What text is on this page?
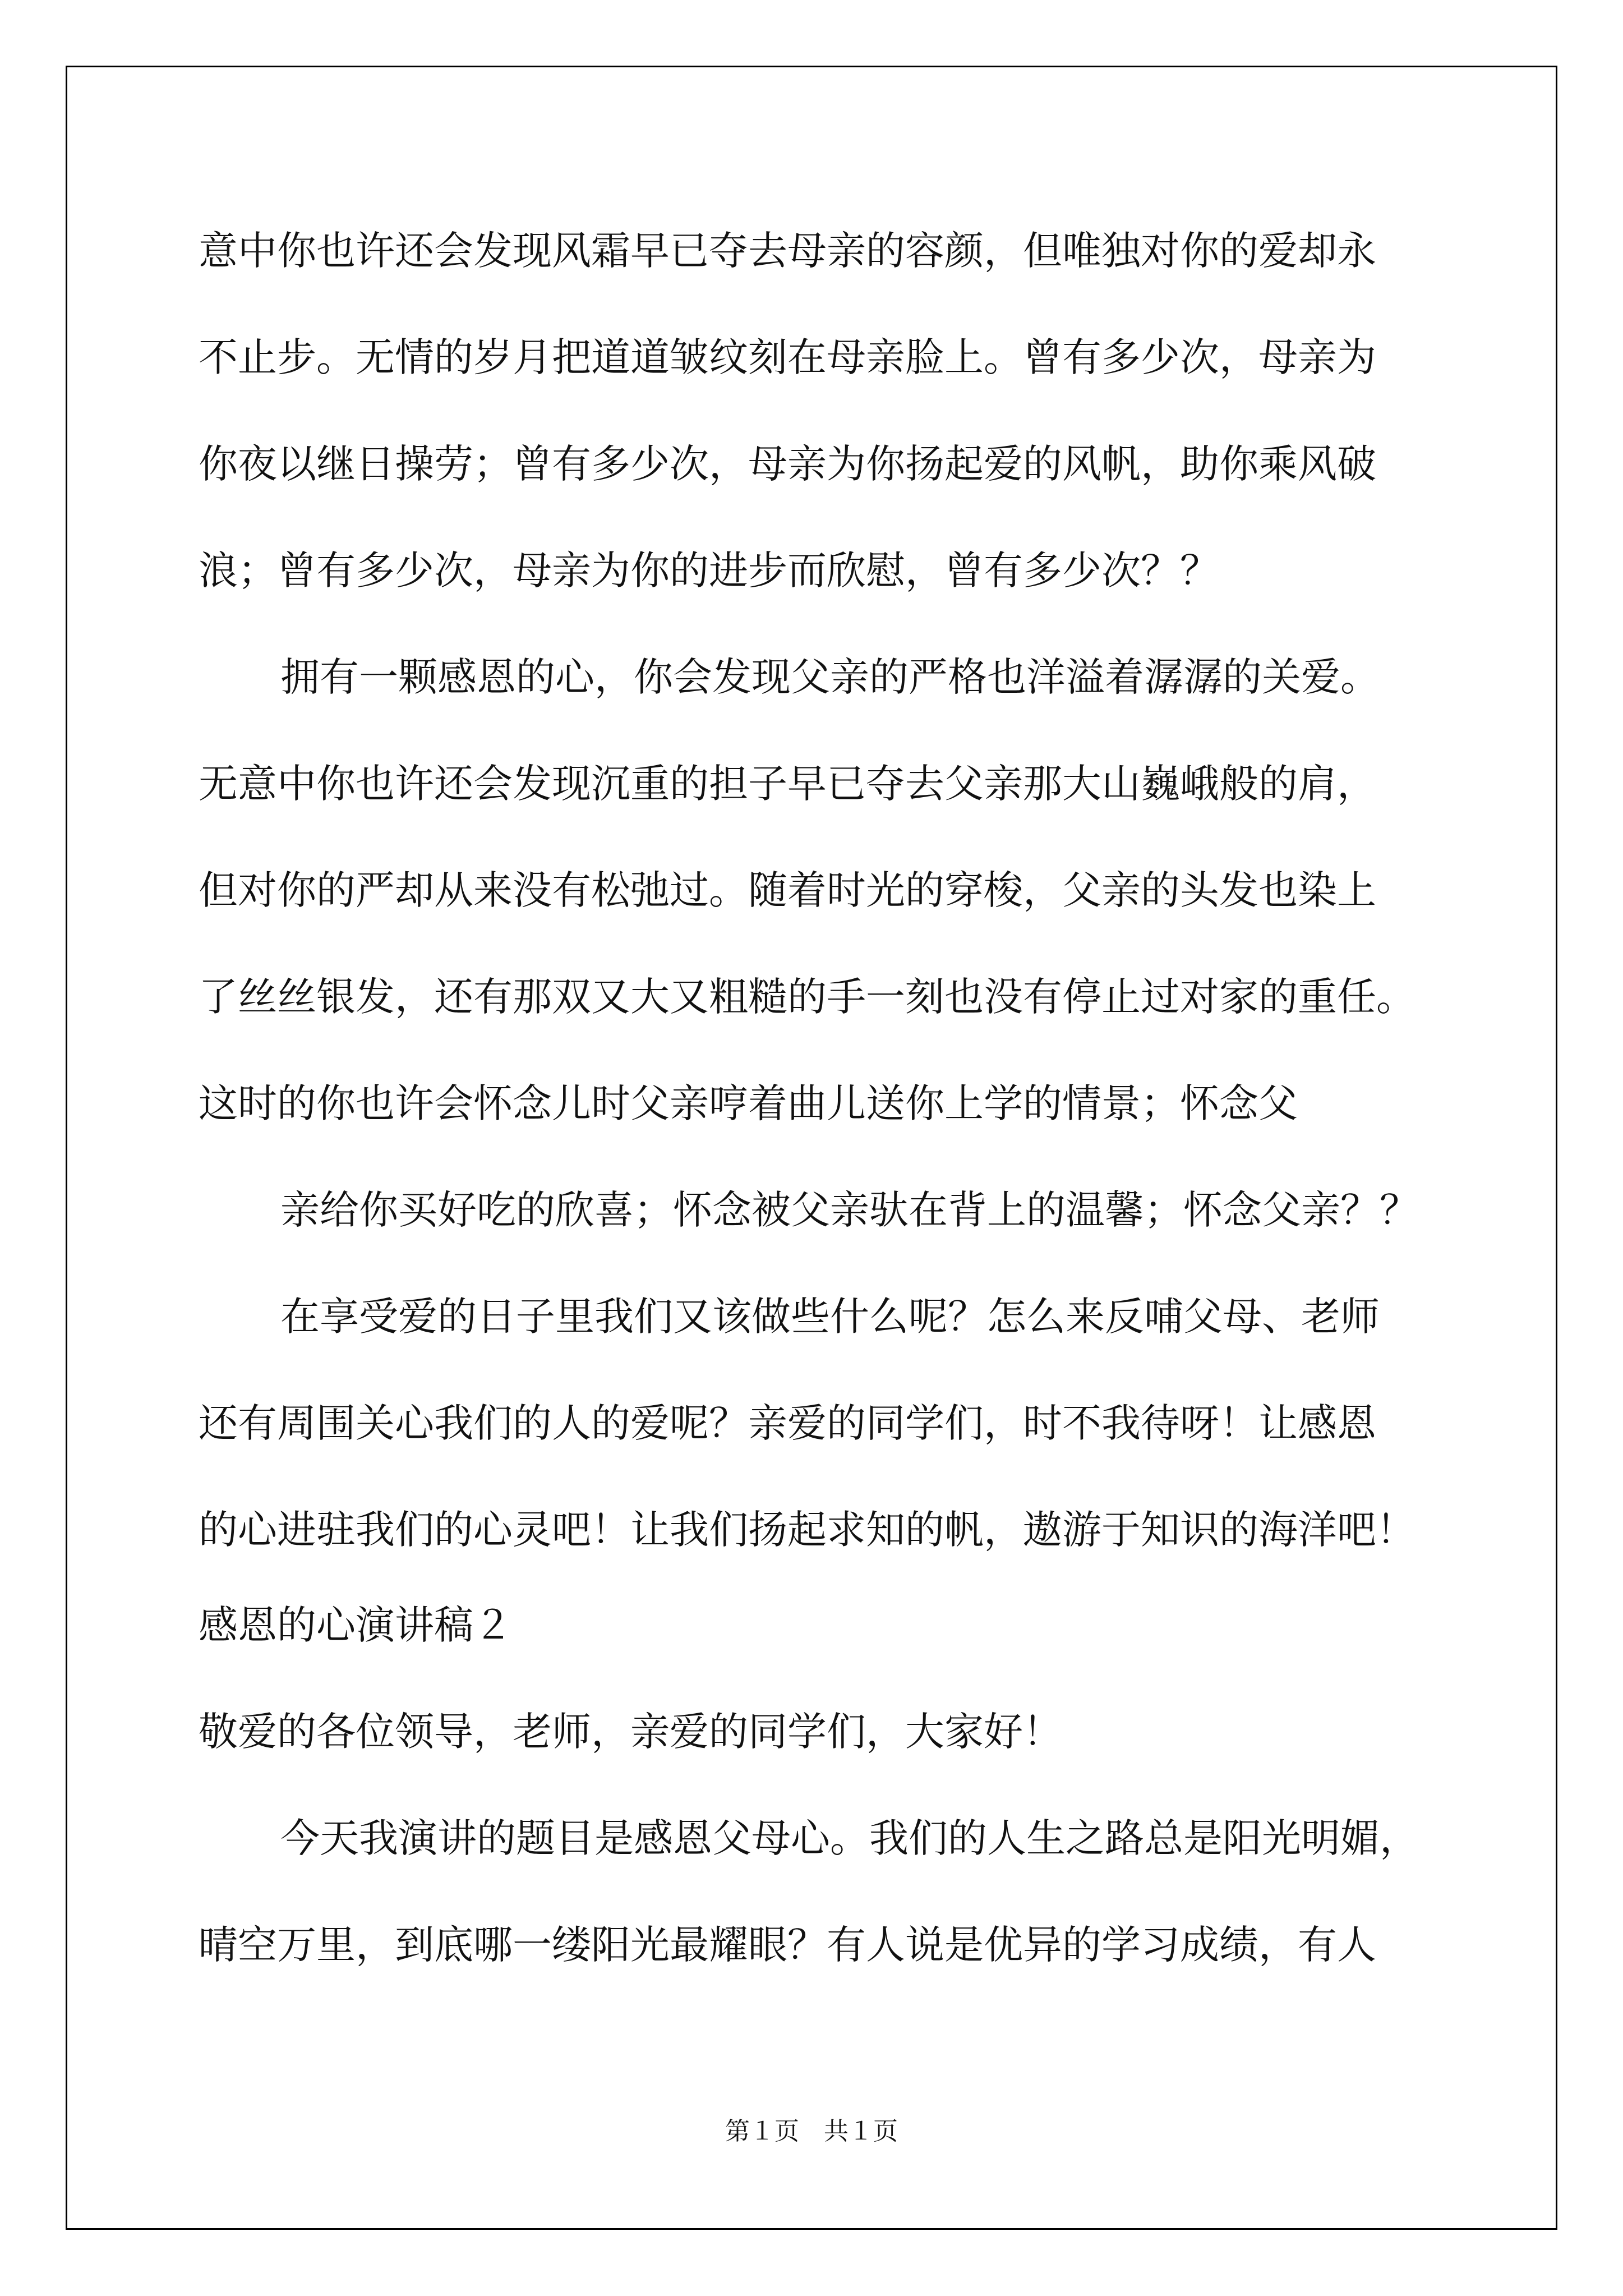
意中你也许还会发现风霜早已夺去母亲的容颜，但唯独对你的爱却永

不止步。无情的岁月把道道皱纹刻在母亲脸上。曾有多少次，母亲为

你夜以继日操劳；曾有多少次，母亲为你扬起爱的风帆，助你乘风破

浪；曾有多少次，母亲为你的进步而欣慰，曾有多少次？？

拥有一颗感恩的心，你会发现父亲的严格也洋溢着潺潺的关爱。

无意中你也许还会发现沉重的担子早已夺去父亲那大山巍峨般的肩，

但对你的严却从来没有松弛过。随着时光的穿梭，父亲的头发也染上

了丝丝银发，还有那双又大又粗糙的手一刻也没有停止过对家的重任。

这时的你也许会怀念儿时父亲哼着曲儿送你上学的情景；怀念父

亲给你买好吃的欣喜；怀念被父亲驮在背上的温馨；怀念父亲？？

在享受爱的日子里我们又该做些什么呢？怎么来反哺父母、老师

还有周围关心我们的人的爱呢？亲爱的同学们，时不我待呀！让感恩

的心进驻我们的心灵吧！让我们扬起求知的帆，遨游于知识的海洋吧！

感恩的心演讲稿２

敬爱的各位领导，老师，亲爱的同学们，大家好！

今天我演讲的题目是感恩父母心。我们的人生之路总是阳光明媚，

晴空万里，到底哪一缕阳光最耀眼？有人说是优异的学习成绩，有人

第１页　共１页
